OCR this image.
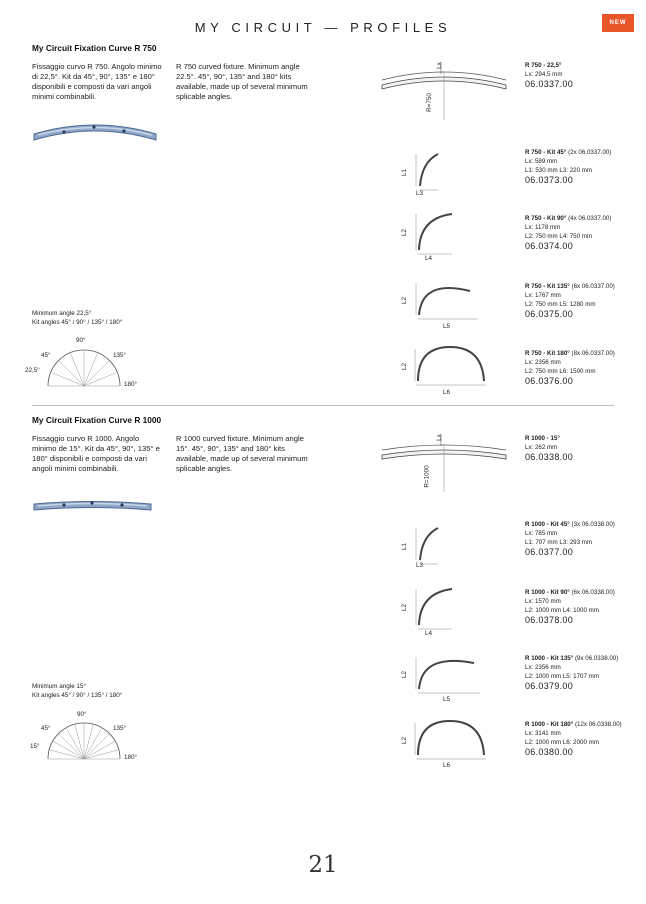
MY CIRCUIT — PROFILES	NEW
My Circuit Fixation Curve R 750
Fissaggio curvo R 750. Angolo minimo di 22,5°. Kit da 45°, 90°, 135° e 180° disponibili e composti da vari angoli minimi combinabili.
R 750 curved fixture. Minimum angle 22.5°. 45°, 90°, 135° and 180° kits available, made up of several minimum splicable angles.
Lx
R=750
R 750 - 22,5°
Lx: 294,5 mm
06.0337.00
R 750 - Kit 45° (2x 06.0337.00)
Lx: 589 mm
L1: 530 mm L3: 220 mm
06.0373.00
R 750 - Kit 90° (4x 06.0337.00)
Lx: 1178 mm
L2: 750 mm L4: 750 mm
06.0374.00
R 750 - Kit 135° (6x 06.0337.00)
Lx: 1767 mm
L2: 750 mm L5: 1280 mm
06.0375.00
R 750 - Kit 180° (8x 06.0337.00)
Lx: 2356 mm
L2: 750 mm L6: 1500 mm
06.0376.00
L1
L3
L2
L4
L2
L5
L2
L6
Minimum angle 22,5°
Kit angles 45° / 90° / 135° / 180°
90°
45°	135°
22,5°
180°
My Circuit Fixation Curve R 1000
Fissaggio curvo R 1000. Angolo minimo de 15°. Kit da 45°, 90°, 135° e 180° disponibili e composti da vari angoli minimi combinabili.
R 1000 curved fixture. Minimum angle 15°. 45°, 90°, 135° and 180° kits available, made up of several minimum splicable angles.
Lx
R=1000
R 1000 - 15°
Lx: 262 mm
06.0338.00
R 1000 - Kit 45° (3x 06.0338.00)
Lx: 785 mm
L1: 707 mm L3: 293 mm
06.0377.00
R 1000 - Kit 90° (6x 06.0338.00)
Lx: 1570 mm
L2: 1000 mm L4: 1000 mm
06.0378.00
R 1000 - Kit 135° (9x 06.0338.00)
Lx: 2356 mm
L2: 1000 mm L5: 1707 mm
06.0379.00
R 1000 - Kit 180° (12x 06.0338.00)
Lx: 3141 mm
L2: 1000 mm L6: 2000 mm
06.0380.00
L1
L3
L2
L4
L2
L5
L2
L6
Minimum angle 15°
Kit angles 45° / 90° / 135° / 180°
90°
45°	135°
15°
180°
21
